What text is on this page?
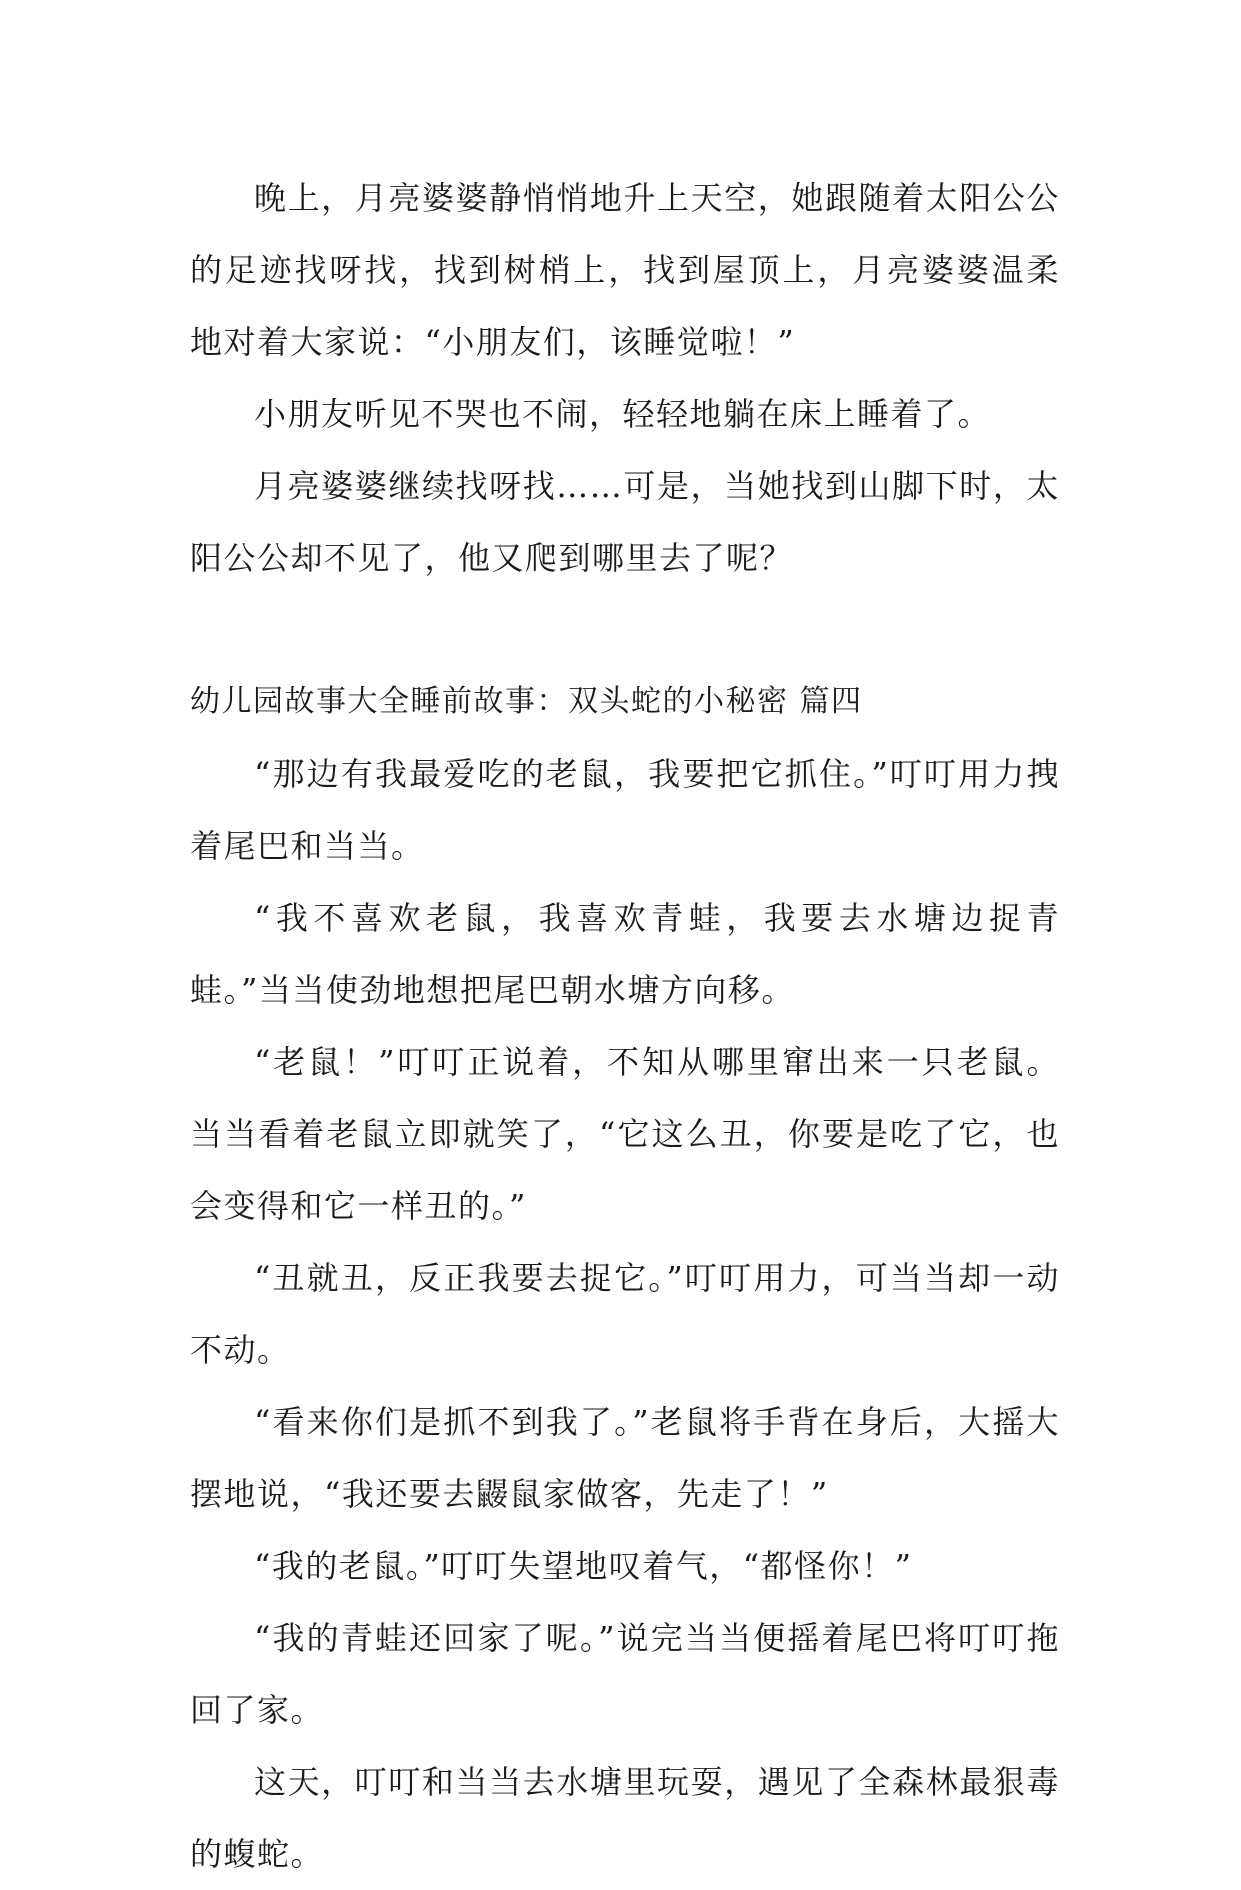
晚上，月亮婆婆静悄悄地升上天空，她跟随着太阳公公的足迹找呀找，找到树梢上，找到屋顶上，月亮婆婆温柔地对着大家说：“小朋友们，该睡觉啦！”

小朋友听见不哭也不闹，轻轻地躺在床上睡着了。

月亮婆婆继续找呀找……可是，当她找到山脚下时，太阳公公却不见了，他又爬到哪里去了呢？

幼儿园故事大全睡前故事：双头蛇的小秘密 篇四

“那边有我最爱吃的老鼠，我要把它抓住。”叮叮用力拽着尾巴和当当。

“我不喜欢老鼠，我喜欢青蛙，我要去水塘边捉青蛙。”当当使劲地想把尾巴朝水塘方向移。

“老鼠！”叮叮正说着，不知从哪里窜出来一只老鼠。当当看着老鼠立即就笑了，“它这么丑，你要是吃了它，也会变得和它一样丑的。”

“丑就丑，反正我要去捉它。”叮叮用力，可当当却一动不动。

“看来你们是抓不到我了。”老鼠将手背在身后，大摇大摆地说，“我还要去鼹鼠家做客，先走了！”

“我的老鼠。”叮叮失望地叹着气，“都怪你！”

“我的青蛙还回家了呢。”说完当当便摇着尾巴将叮叮拖回了家。

这天，叮叮和当当去水塘里玩耍，遇见了全森林最狠毒的蝮蛇。
